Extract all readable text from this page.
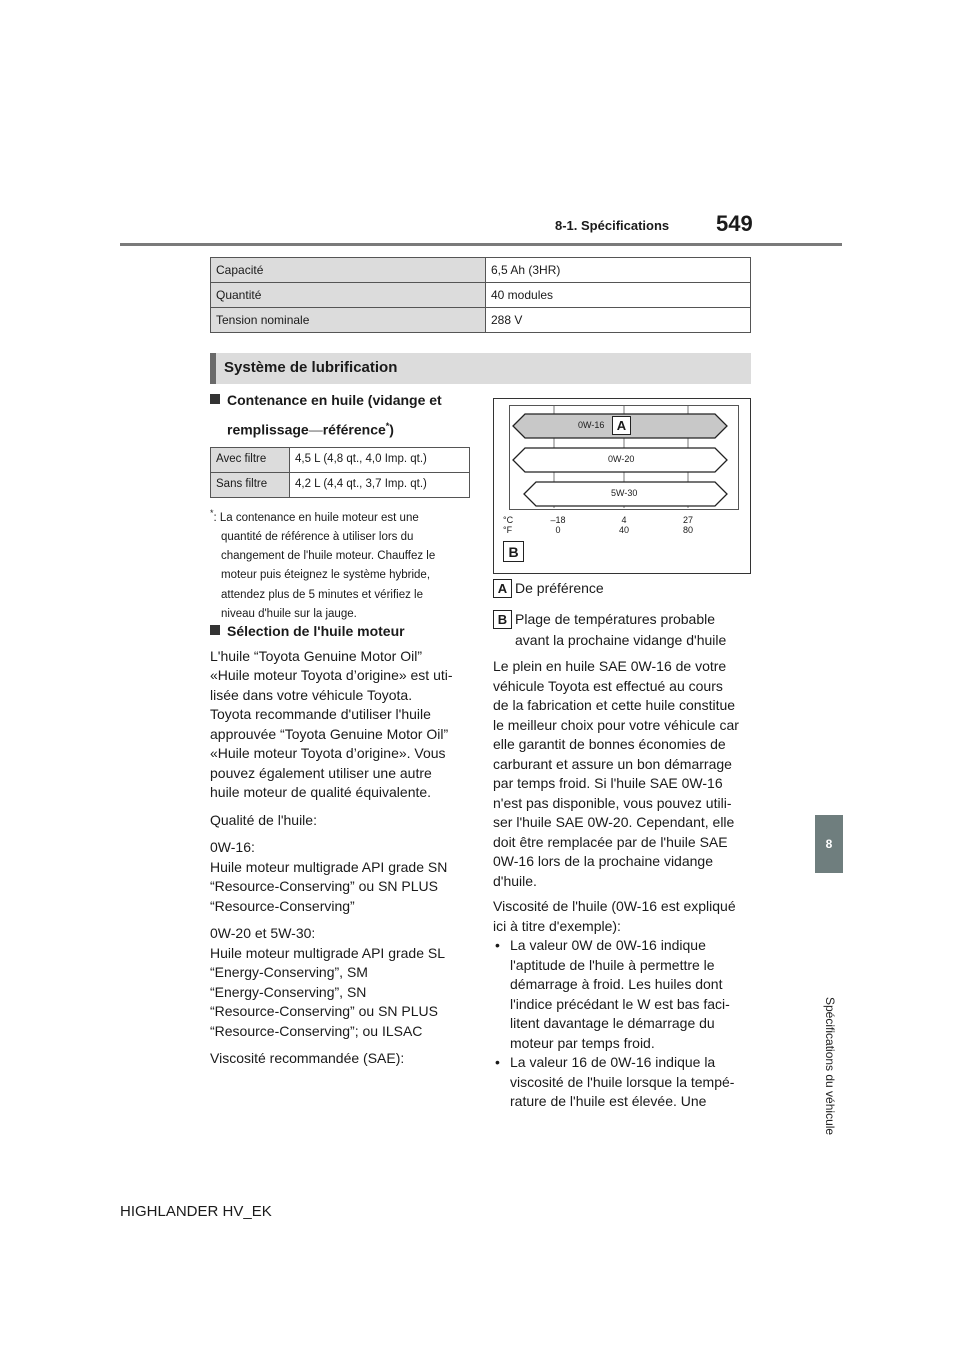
8-1. Spécifications 549
8
Spécifications du véhicule
Capacité	6,5 Ah (3HR)
Quantité	40 modules
Tension nominale	288 V
Système de lubrification
Contenance en huile (vidange et
remplissage—référence*)
Avec filtre	4,5 L (4,8 qt., 4,0 Imp. qt.)
Sans filtre	4,2 L (4,4 qt., 3,7 Imp. qt.)
*: La contenance en huile moteur est une
quantité de référence à utiliser lors du
changement de l'huile moteur. Chauffez le
moteur puis éteignez le système hybride,
attendez plus de 5 minutes et vérifiez le
niveau d'huile sur la jauge.
Sélection de l'huile moteur
L'huile “Toyota Genuine Motor Oil”
«Huile moteur Toyota d’origine» est uti-
lisée dans votre véhicule Toyota.
Toyota recommande d'utiliser l'huile
approuvée “Toyota Genuine Motor Oil”
«Huile moteur Toyota d’origine». Vous
pouvez également utiliser une autre
huile moteur de qualité équivalente.
Qualité de l'huile:
0W-16:
Huile moteur multigrade API grade SN
“Resource-Conserving” ou SN PLUS
“Resource-Conserving”
0W-20 et 5W-30:
Huile moteur multigrade API grade SL
“Energy-Conserving”, SM
“Energy-Conserving”, SN
“Resource-Conserving” ou SN PLUS
“Resource-Conserving”; ou ILSAC
Viscosité recommandée (SAE):
0W-16 A
0W-20
5W-30
°C
°F
–18
0
4
40
27
80
B
A De préférence
B Plage de températures probable
avant la prochaine vidange d'huile
Le plein en huile SAE 0W-16 de votre
véhicule Toyota est effectué au cours
de la fabrication et cette huile constitue
le meilleur choix pour votre véhicule car
elle garantit de bonnes économies de
carburant et assure un bon démarrage
par temps froid. Si l'huile SAE 0W-16
n'est pas disponible, vous pouvez utili-
ser l'huile SAE 0W-20. Cependant, elle
doit être remplacée par de l'huile SAE
0W-16 lors de la prochaine vidange
d'huile.
Viscosité de l'huile (0W-16 est expliqué
ici à titre d'exemple):
• La valeur 0W de 0W-16 indique
l'aptitude de l'huile à permettre le
démarrage à froid. Les huiles dont
l'indice précédant le W est bas faci-
litent davantage le démarrage du
moteur par temps froid.
• La valeur 16 de 0W-16 indique la
viscosité de l'huile lorsque la tempé-
rature de l'huile est élevée. Une
HIGHLANDER HV_EK
